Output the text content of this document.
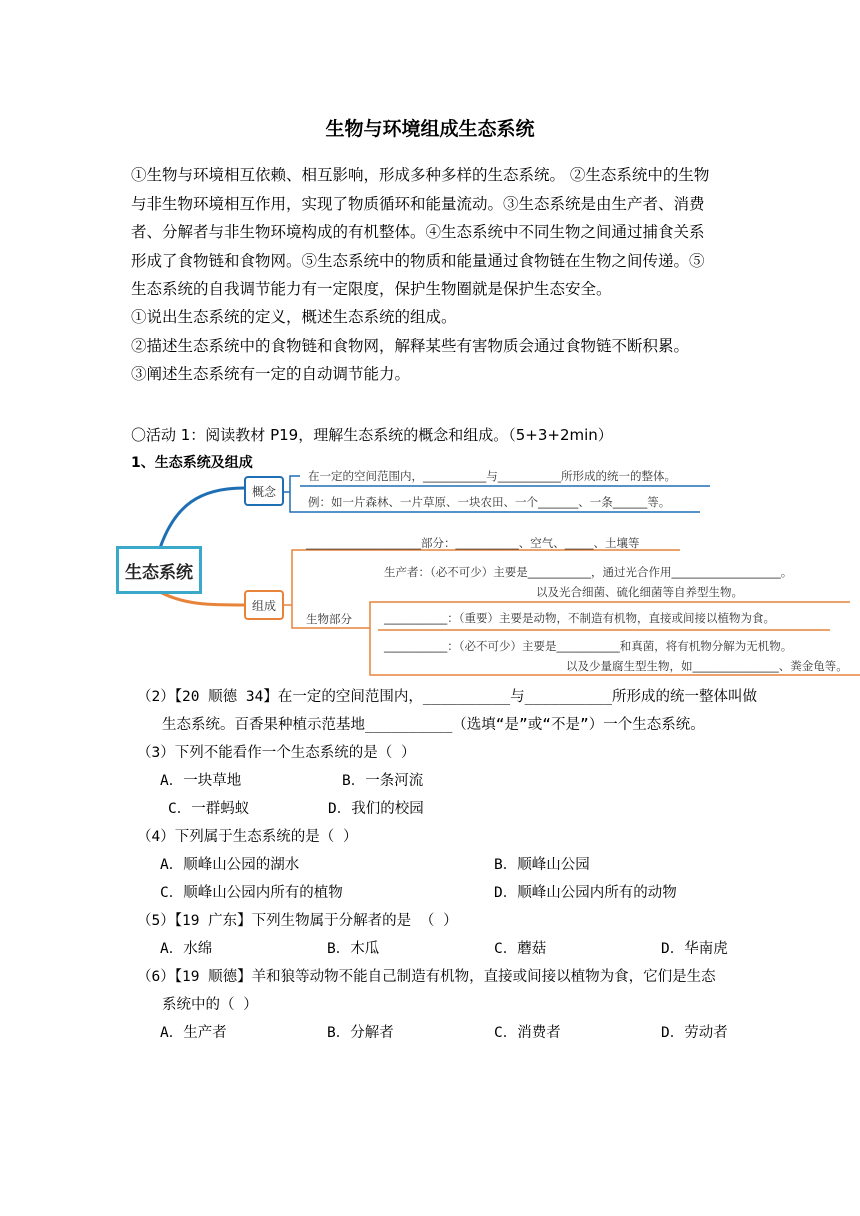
生物与环境组成生态系统
①生物与环境相互依赖、相互影响，形成多种多样的生态系统。 ②生态系统中的生物
与非生物环境相互作用，实现了物质循环和能量流动。③生态系统是由生产者、消费
者、分解者与非生物环境构成的有机整体。④生态系统中不同生物之间通过捕食关系
形成了食物链和食物网。⑤生态系统中的物质和能量通过食物链在生物之间传递。⑤
生态系统的自我调节能力有一定限度，保护生物圈就是保护生态安全。
①说出生态系统的定义，概述生态系统的组成。
②描述生态系统中的食物链和食物网，解释某些有害物质会通过食物链不断积累。
③阐述生态系统有一定的自动调节能力。
〇活动 1：阅读教材 P19，理解生态系统的概念和组成。（5+3+2min）
1、生态系统及组成
生态系统
概念
组成
在一定的空间范围内，___________与___________所形成的统一的整体。
例：如一片森林、一片草原、一块农田、一个_______、一条______等。
____________________部分：___________、空气、_____、土壤等
生物部分
生产者：（必不可少）主要是___________，通过光合作用___________________。
以及光合细菌、硫化细菌等自养型生物。
___________：（重要）主要是动物，不制造有机物，直接或间接以植物为食。
___________：（必不可少）主要是___________和真菌，将有机物分解为无机物。
以及少量腐生型生物，如_______________、粪金龟等。
（2）【20 顺德 34】在一定的空间范围内，__________与__________所形成的统一整体叫做
生态系统。百香果种植示范基地__________（选填“是”或“不是”）一个生态系统。
（3）下列不能看作一个生态系统的是（ ）
A．一块草地	B．一条河流
C．一群蚂蚁	D．我们的校园
（4）下列属于生态系统的是（ ）
A．顺峰山公园的湖水	B．顺峰山公园
C．顺峰山公园内所有的植物	D．顺峰山公园内所有的动物
（5）【19 广东】下列生物属于分解者的是 （ ）
A．水绵	B．木瓜	C．蘑菇	D．华南虎
（6）【19 顺德】羊和狼等动物不能自己制造有机物，直接或间接以植物为食，它们是生态
系统中的（ ）
A．生产者	B．分解者	C．消费者	D．劳动者
